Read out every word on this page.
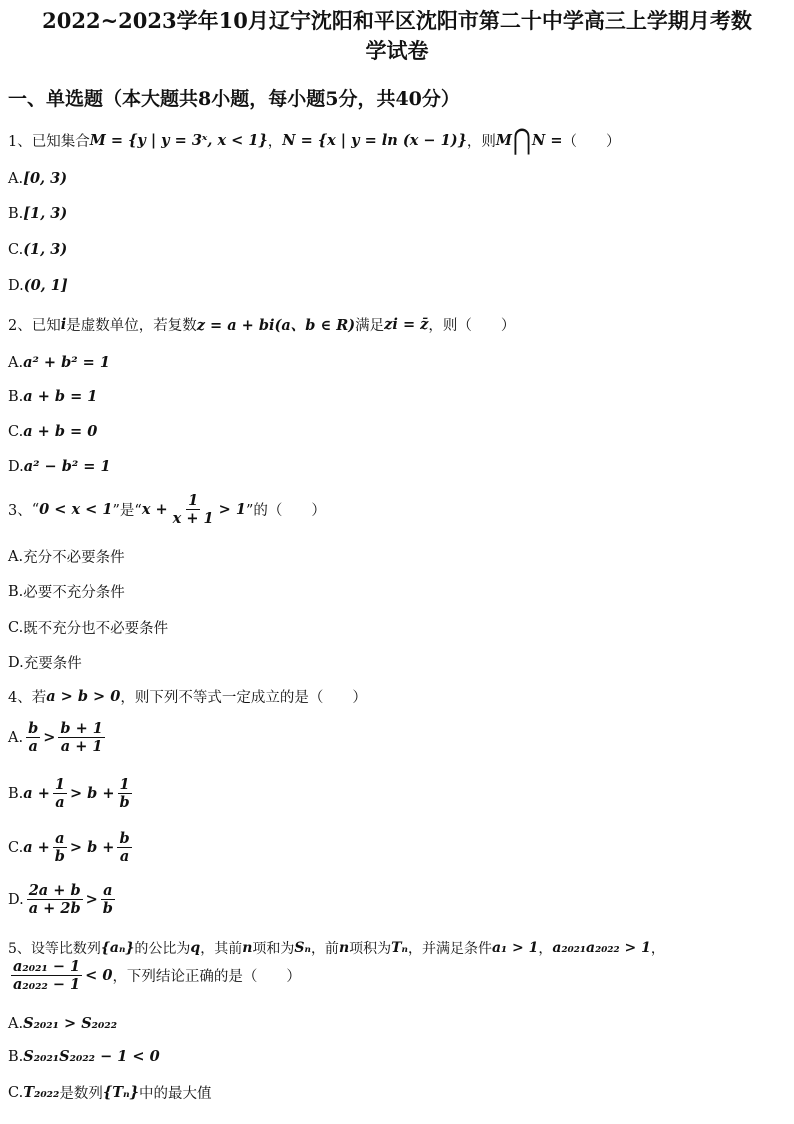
2022~2023学年10月辽宁沈阳和平区沈阳市第二十中学高三上学期月考数
学试卷
一、单选题（本大题共8小题，每小题5分，共40分）
1、已知集合 M = {y | y = 3ˣ, x < 1} ， N = {x | y = ln (x − 1)} ，则 M ⋂ N = （　　）
A. [0, 3)
B. [1, 3)
C. (1, 3)
D. (0, 1]
2、已知 i 是虚数单位，若复数 z = a + bi(a、b ∈ R) 满足 zi = z̄ ，则（　　）
A. a² + b² = 1
B. a + b = 1
C. a + b = 0
D. a² − b² = 1
3、 “ 0 < x < 1 ”是“ $x + \frac{1}{x + 1} > 1$ ”的（　　）
A. 充分不必要条件
B. 必要不充分条件
C. 既不充分也不必要条件
D. 充要条件
4、若 a > b > 0 ，则下列不等式一定成立的是（　　）
A. $\frac{b}{a} > \frac{b + 1}{a + 1}$
B. $a + \frac{1}{a} > b + \frac{1}{b}$
C. $a + \frac{a}{b} > b + \frac{b}{a}$
D. $\frac{2a + b}{a + 2b} > \frac{a}{b}$
5、设等比数列 {aₙ} 的公比为 q ，其前 n 项和为 Sₙ ，前 n 项积为 Tₙ ，并满足条件 a₁ > 1 ， a₂₀₂₁a₂₀₂₂ > 1 ，
$\frac{\text{a₂₀₂₁ − 1}}{\text{a₂₀₂₂ − 1}} < 0$ ，下列结论正确的是（　　）
A. S₂₀₂₁ > S₂₀₂₂
B. S₂₀₂₁S₂₀₂₂ − 1 < 0
C. T₂₀₂₂ 是数列 {Tₙ} 中的最大值
